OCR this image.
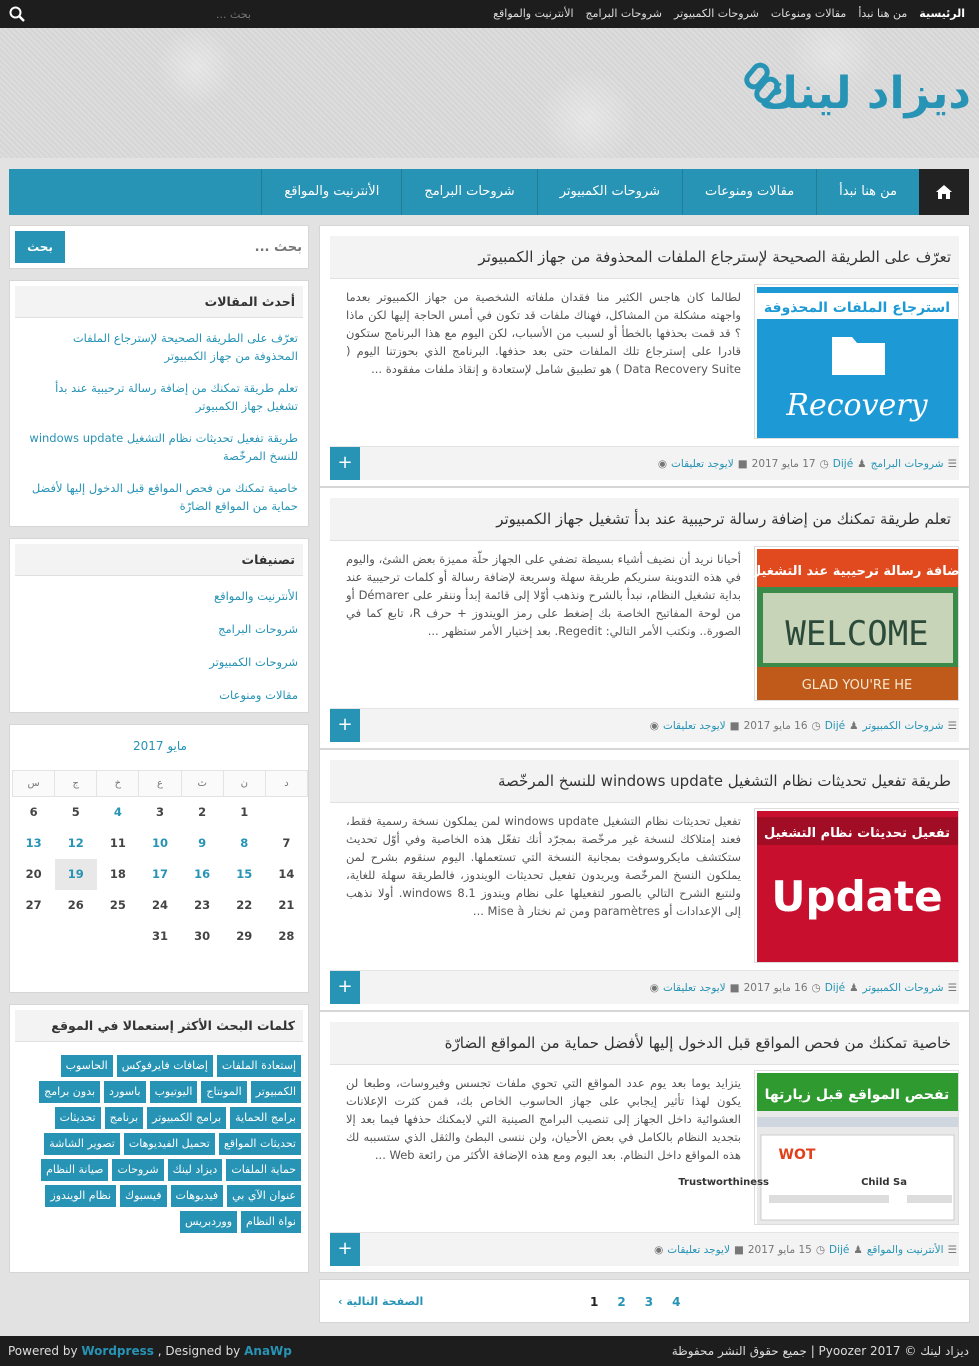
الرئيسية
من هنا نبدأ
مقالات ومنوعات
شروحات الكمبيوتر
شروحات البرامج
الأنترنيت والمواقع
بحث ...
ديزاد لينك
من هنا نبدأ
مقالات ومنوعات
شروحات الكمبيوتر
شروحات البرامج
الأنترنيت والمواقع
تعرّف على الطريقة الصحيحة لإسترجاع الملفات المحذوفة من جهاز الكمبيوتر
استرجاع الملفات المحذوفة
Recovery
لطالما كان هاجس الكثير منا فقدان ملفاته الشخصية من جهاز الكمبيوتر بعدما واجهته مشكلة من المشاكل، فهناك ملفات قد تكون في أمس الحاجة إليها لكن ماذا ؟ قد قمت بحذفها بالخطأ أو لسبب من الأسباب، لكن اليوم مع هذا البرنامج ستكون قادرا على إسترجاع تلك الملفات حتى بعد حذفها. البرنامج الذي بحوزتنا اليوم ( Data Recovery Suite ) هو تطبيق شامل لإستعادة و إنقاذ ملفات مفقودة ...
+	☰
شروحات البرامج
♟
Dijé
◷
17 مايو 2017
■
لايوجد تعليقات
◉
تعلم طريقة تمكنك من إضافة رسالة ترحيبية عند بدأ تشغيل جهاز الكمبيوتر
اضافة رسالة ترحيبية عند التشغيل
WELCOME
GLAD YOU'RE HE
أحيانا نريد أن نضيف أشياء بسيطة تضفي على الجهاز حلّة مميزة بعض الشئ، واليوم في هذه التدوينة سنريكم طريقة سهلة وسريعة لإضافة رسالة أو كلمات ترحيبية عند بداية تشغيل النظام، نبدأ بالشرح ونذهب أوّلا إلى قائمة إبدأ وننقر على Démarer أو من لوحة المفاتيح الخاصة بك إضغط على رمز الويندوز + حرف R، تابع كما في الصورة.. ونكتب الأمر التالي: Regedit. بعد إختيار الأمر ستظهر ...
+	☰
شروحات الكمبيوتر
♟
Dijé
◷
16 مايو 2017
■
لايوجد تعليقات
◉
طريقة تفعيل تحديثات نظام التشغيل windows update للنسخ المرخّصة
تفعيل تحديثات نظام التشغيل
Update
تفعيل تحديثات نظام التشغيل windows update لمن يملكون نسخة رسمية فقط، فعند إمتلاكك لنسخة غير مرخّصة بمجرّد أنك تفعّل هذه الخاصية وفي أوّل تحديث ستكتشف مايكروسوفت بمجانية النسخة التي تستعملها. اليوم سنقوم بشرح لمن يملكون النسخ المرخّصة ويريدون تفعيل تحديثات الويندوز، فالطريقة سهلة للغاية، ولنتبع الشرح التالي بالصور لتفعيلها على نظام ويندوز windows 8.1. أولا نذهب إلى الإعدادات أو paramètres ومن ثم نختار Mise à ...
+	☰
شروحات الكمبيوتر
♟
Dijé
◷
16 مايو 2017
■
لايوجد تعليقات
◉
خاصية تمكنك من فحص المواقع قبل الدخول إليها لأفضل حماية من المواقع الضارّة
تفحص المواقع قبل زيارتها
WOT
Trustworthiness	Child Sa
يتزايد يوما بعد يوم عدد المواقع التي تحوي ملفات تجسس وفيروسات، وطبعا لن يكون لهذا تأثير إيجابي على جهاز الحاسوب الخاص بك، فمن كثرت الإعلانات العشوائية داخل الجهاز إلى تنصيب البرامج الصينية التي لايمكنك حذفها فيما بعد إلا بتجديد النظام بالكامل في بعض الأحيان، ولن ننسى البطئ والثقل الذي ستسببه لك هذه المواقع داخل النظام. بعد اليوم ومع هذه الإضافة الأكثر من رائعة Web ...
+	☰
الأنترنيت والمواقع
♟
Dijé
◷
15 مايو 2017
■
لايوجد تعليقات
◉
1 2 3 4
الصفحة التالية ›
بحث ...
بحث
أحدث المقالات
تعرّف على الطريقة الصحيحة لإسترجاع الملفات المحذوفة من جهاز الكمبيوتر
تعلم طريقة تمكنك من إضافة رسالة ترحيبية عند بدأ تشغيل جهاز الكمبيوتر
طريقة تفعيل تحديثات نظام التشغيل windows update للنسخ المرخّصة
خاصية تمكنك من فحص المواقع قبل الدخول إليها لأفضل حماية من المواقع الضارّة
تصنيفات
الأنترنيت والمواقع
شروحات البرامج
شروحات الكمبيوتر
مقالات ومنوعات
مايو 2017
د	ن	ث	ع	خ	ج	س
	1	2	3	4	5	6
7	8	9	10	11	12	13
14	15	16	17	18	19	20
21	22	23	24	25	26	27
28	29	30	31			
كلمات البحث الأكثر إستعمالا في الموقع
إستعادة الملفات
إضافات فايرفوكس
الحاسوب
الكمبيوتر
المونتاج
اليوتيوب
باسورد
بدون برامج
برامج الحماية
برامج الكمبيوتر
برنامج
تحديثات
تحديثات المواقع
تحميل الفيديوهات
تصوير الشاشة
حماية الملفات
ديزاد لينك
شروحات
صيانة النظام
عنوان الآي بي
فيديوهات
فيسبوك
نظام الويندوز
نواة النظام
ووردبريس
ديزاد لينك © 2017 Pyoozer | جميع حقوق النشر محفوظة
Powered by Wordpress , Designed by AnaWp
